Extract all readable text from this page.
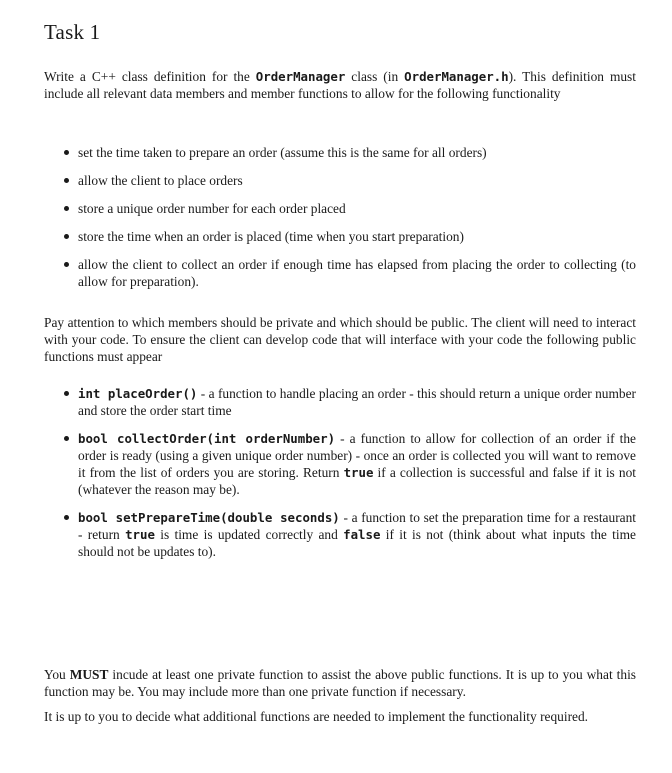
Task 1

Write a C++ class definition for the OrderManager class (in OrderManager.h). This definition must include all relevant data members and member functions to allow for the following functionality

set the time taken to prepare an order (assume this is the same for all orders)
allow the client to place orders
store a unique order number for each order placed
store the time when an order is placed (time when you start preparation)
allow the client to collect an order if enough time has elapsed from placing the order to collecting (to allow for preparation).

Pay attention to which members should be private and which should be public. The client will need to interact with your code. To ensure the client can develop code that will interface with your code the following public functions must appear

int placeOrder() - a function to handle placing an order - this should return a unique order number and store the order start time
bool collectOrder(int orderNumber) - a function to allow for collection of an order if the order is ready (using a given unique order number) - once an order is collected you will want to remove it from the list of orders you are storing. Return true if a collection is successful and false if it is not (whatever the reason may be).
bool setPrepareTime(double seconds) - a function to set the preparation time for a restaurant - return true is time is updated correctly and false if it is not (think about what inputs the time should not be updates to).

You MUST incude at least one private function to assist the above public functions. It is up to you what this function may be. You may include more than one private function if necessary.

It is up to you to decide what additional functions are needed to implement the functionality required.
